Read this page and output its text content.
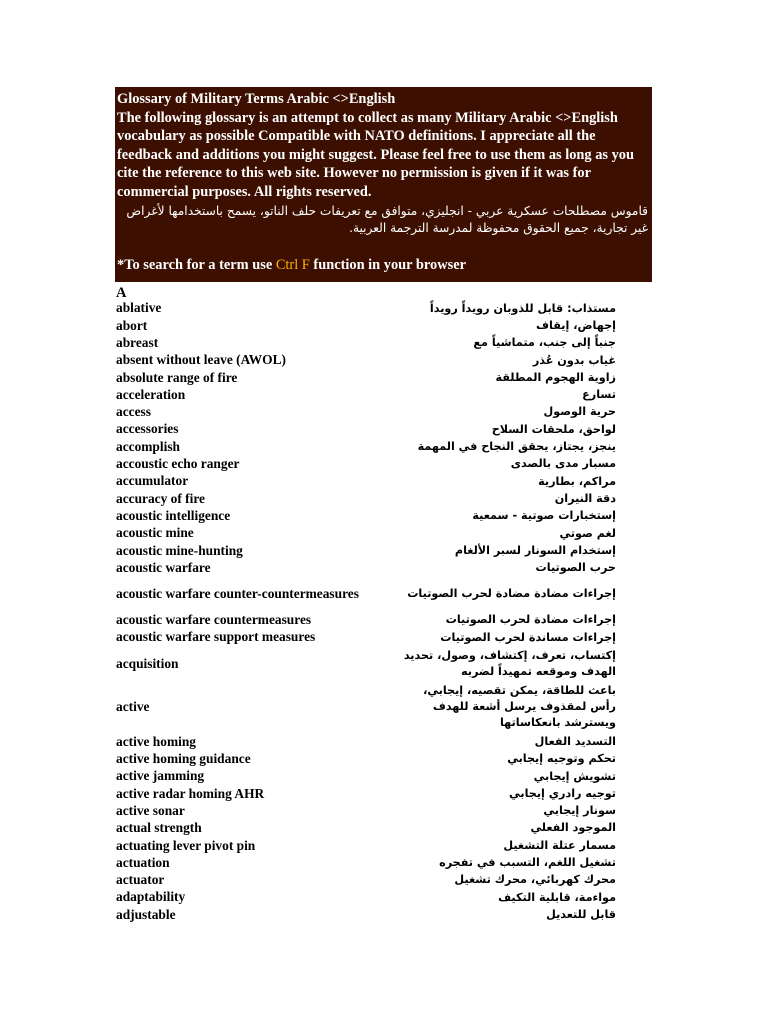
Glossary of Military Terms Arabic <>English

The following glossary is an attempt to collect as many Military Arabic <>English vocabulary as possible Compatible with NATO definitions. I appreciate all the feedback and additions you might suggest. Please feel free to use them as long as you cite the reference to this web site. However no permission is given if it was for commercial purposes. All rights reserved.

قاموس مصطلحات عسكرية عربي - انجليزي، متوافق مع تعريفات حلف الناتو، يسمح باستخدامها لأغراض غير تجارية، جميع الحقوق محفوظة لمدرسة الترجمة العربية.

*To search for a term use Ctrl F function in your browser

A
ablative	مستذاب: قابل للذوبان رويداً رويداً
abort	إجهاض، إيقاف
abreast	جنباً إلى جنب، متماشياً مع
absent without leave (AWOL)	غياب بدون عُذر
absolute range of fire	زاوية الهجوم المطلقة
acceleration	تسارع
access	حرية الوصول
accessories	لواحق، ملحقات السلاح
accomplish	ينجز، يجتاز، يحقق النجاح في المهمة
accoustic echo ranger	مسبار مدى بالصدى
accumulator	مراكم، بطارية
accuracy of fire	دقة النيران
acoustic intelligence	إستخبارات صوتية - سمعية
acoustic mine	لغم صوتي
acoustic mine-hunting	إستخدام السونار لسبر الألغام
acoustic warfare	حرب الصوتيات
acoustic warfare counter-countermeasures	إجراءات مضادة مضادة لحرب الصوتيات
acoustic warfare countermeasures	إجراءات مضادة لحرب الصوتيات
acoustic warfare support measures	إجراءات مساندة لحرب الصوتيات
acquisition
إكتساب، تعرف، إكتشاف، وصول، تحديد الهدف وموقعه تمهيداً لضربه
active
باعث للطاقة، يمكن تقصيه، إيجابي، رأس لمقذوف يرسل أشعة للهدف ويسترشد بانعكاساتها
active homing	التسديد الفعال
active homing guidance	تحكم وتوجيه إيجابي
active jamming	تشويش إيجابي
active radar homing AHR	توجيه رادري إيجابي
active sonar	سونار إيجابي
actual strength	الموجود الفعلي
actuating lever pivot pin	مسمار عتلة التشغيل
actuation	تشغيل اللغم، التسبب في تفجره
actuator	محرك كهربائي، محرك تشغيل
adaptability	مواءمة، قابلية التكيف
adjustable	قابل للتعديل
